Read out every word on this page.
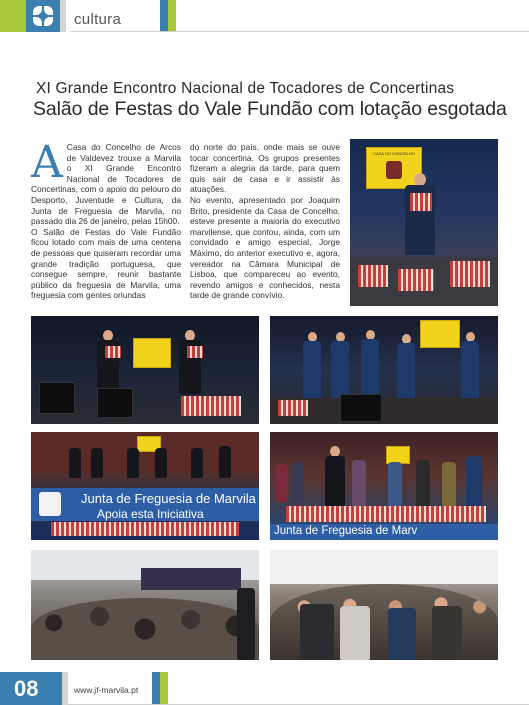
cultura
XI Grande Encontro Nacional de Tocadores de Concertinas
Salão de Festas do Vale Fundão com lotação esgotada
A Casa do Concelho de Arcos de Valdevez trouxe a Marvila o XI Grande Encontro Nacional de Tocadores de Concertinas, com o apoio do pelouro do Desporto, Juventude e Cultura, da Junta de Freguesia de Marvila, no passado dia 26 de janeiro, pelas 15h00.

O Salão de Festas do Vale Fundão ficou lotado com mais de uma centena de pessoas que quiseram recordar uma grande tradição portuguesa, que consegue sempre, reunir bastante público da freguesia de Marvila, uma freguesia com gentes oriundas

do norte do país, onde mais se ouve tocar concertina. Os grupos presentes fizeram a alegria da tarde, para quem quis sair de casa e ir assistir às atuações.

No evento, apresentado por Joaquim Brito, presidente da Casa de Concelho, esteve presente a maioria do executivo marvilense, que contou, ainda, com um convidado e amigo especial, Jorge Máximo, do anterior executivo e, agora, vereador na Câmara Municipal de Lisboa, que compareceu ao evento, revendo amigos e conhecidos, nesta tarde de grande convívio.

CASA DO CONCELHO
Junta de Freguesia de Marvila
Apoia esta Iniciativa
Junta de Freguesia de Marv
08	www.jf-marvila.pt
